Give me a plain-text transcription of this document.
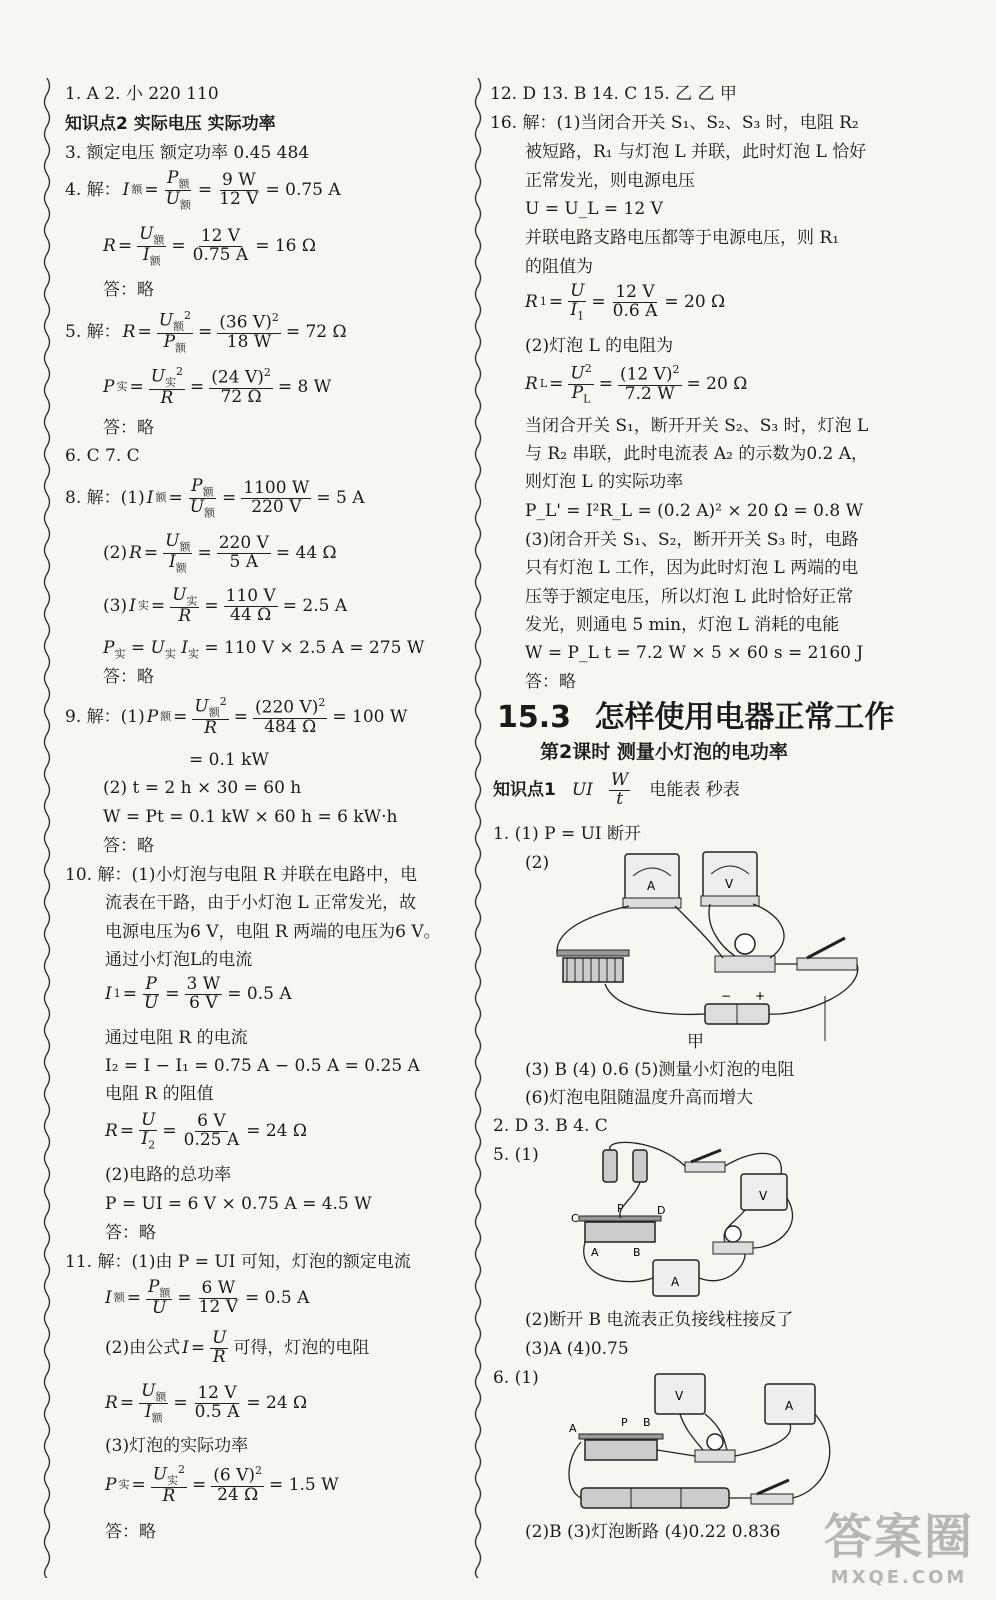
1. A 2. 小 220 110
知识点2 实际电压 实际功率
3. 额定电压 额定功率 0.45 484
4. 解： I 额 = $\frac{P_额}{U_额} = \frac{9 W}{12 V} = 0.75$ A
$R = \frac{U_额}{I_额} = \frac{12 V}{0.75 A} = 16$ Ω
答：略
5. 解： $R = \frac{U_额^2}{P_额} = \frac{(36 V)^2}{18 W} = 72$ Ω
P 实 = $\frac{U_实^2}{R} = \frac{(24 V)^2}{72 \Omega} = 8$ W
答：略
6. C 7. C
8. 解：(1) I 额 = $\frac{P_额}{U_额} = \frac{1100 W}{220 V} = 5$ A
(2) $R = \frac{U_额}{I_额} = \frac{220 V}{5 A} = 44$ Ω
(3) I 实 = $\frac{U_实}{R} = \frac{110 V}{44 \Omega} = 2.5$ A
$P_实 = U_实$ $I_实 = 110$ V × 2.5 A = 275 W
答：略
9. 解：(1) P 额 = $\frac{U_额^2}{R} = \frac{(220 V)^2}{484 \Omega} = 100$ W
= 0.1 kW
(2) t = 2 h × 30 = 60 h
W = Pt = 0.1 kW × 60 h = 6 kW·h
答：略
10. 解：(1)小灯泡与电阻 R 并联在电路中，电
流表在干路，由于小灯泡 L 正常发光，故
电源电压为6 V，电阻 R 两端的电压为6 V。
通过小灯泡L的电流
I $1 = \frac{P}{U} = \frac{3 W}{6 V} = 0.5$ A
通过电阻 R 的电流
I₂ = I − I₁ = 0.75 A − 0.5 A = 0.25 A
电阻 R 的阻值
$R = \frac{U}{I_2} = \frac{6 V}{0.25 A} = 24$ Ω
(2)电路的总功率
P = UI = 6 V × 0.75 A = 4.5 W
答：略
11. 解：(1)由 P = UI 可知，灯泡的额定电流
I 额 = $\frac{P_额}{U} = \frac{6 W}{12 V} = 0.5$ A
(2)由公式 $I = \frac{U}{R}$ 可得，灯泡的电阻
$R = \frac{U_额}{I_额} = \frac{12 V}{0.5 A} = 24$ Ω
(3)灯泡的实际功率
P 实 = $\frac{U_实^2}{R} = \frac{(6 V)^2}{24 \Omega} = 1.5$ W
答：略
12. D 13. B 14. C 15. 乙 乙 甲
16. 解：(1)当闭合开关 S₁、S₂、S₃ 时，电阻 R₂
被短路，R₁ 与灯泡 L 并联，此时灯泡 L 恰好
正常发光，则电源电压
U = U_L = 12 V
并联电路支路电压都等于电源电压，则 R₁
的阻值为
R $1 = \frac{U}{I_1} = \frac{12 V}{0.6 A} = 20$ Ω
(2)灯泡 L 的电阻为
R $L = \frac{U^2}{P_L} = \frac{(12 V)^2}{7.2 W} = 20$ Ω
当闭合开关 S₁，断开开关 S₂、S₃ 时，灯泡 L
与 R₂ 串联，此时电流表 A₂ 的示数为0.2 A，
则灯泡 L 的实际功率
P_L' = I²R_L = (0.2 A)² × 20 Ω = 0.8 W
(3)闭合开关 S₁、S₂，断开开关 S₃ 时，电路
只有灯泡 L 工作，因为此时灯泡 L 两端的电
压等于额定电压，所以灯泡 L 此时恰好正常
发光，则通电 5 min，灯泡 L 消耗的电能
W = P_L t = 7.2 W × 5 × 60 s = 2160 J
答：略
15.3 怎样使用电器正常工作
第2课时 测量小灯泡的电功率
知识点1 UI $\frac{W}{t}$ 电能表 秒表
1. (1) P = UI 断开
(2)
A	V
− +
甲
(3) B (4) 0.6 (5)测量小灯泡的电阻
(6)灯泡电阻随温度升高而增大
2. D 3. B 4. C
5. (1)
V
C
D
P
A	B
A
(2)断开 B 电流表正负接线柱接反了
(3)A (4)0.75
6. (1)
V
A
A	P B
(2)B (3)灯泡断路 (4)0.22 0.836 答案圈
MXQE.COM
